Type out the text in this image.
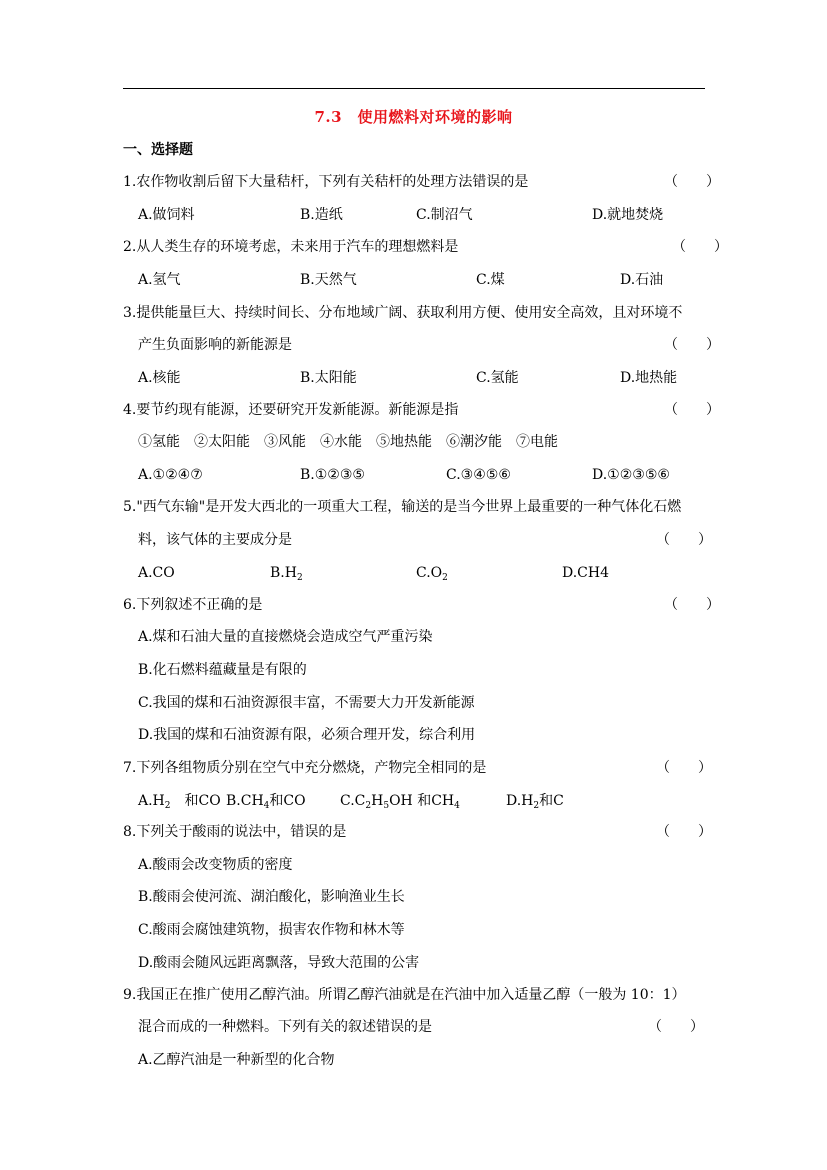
7.3　使用燃料对环境的影响
一、选择题
1.农作物收割后留下大量秸杆，下列有关秸杆的处理方法错误的是	（　　）
A.做饲料	B.造纸	C.制沼气	D.就地焚烧
2.从人类生存的环境考虑，未来用于汽车的理想燃料是	（　　）
A.氢气	B.天然气	C.煤	D.石油
3.提供能量巨大、持续时间长、分布地域广阔、获取利用方便、使用安全高效，且对环境不
产生负面影响的新能源是	（　　）
A.核能	B.太阳能	C.氢能	D.地热能
4.要节约现有能源，还要研究开发新能源。新能源是指	（　　）
①氢能　②太阳能　③风能　④水能　⑤地热能　⑥潮汐能　⑦电能
A.①②④⑦	B.①②③⑤	C.③④⑤⑥	D.①②③⑤⑥
5."西气东输"是开发大西北的一项重大工程，输送的是当今世界上最重要的一种气体化石燃
料，该气体的主要成分是	（　　）
A.CO	$B.H_2$	$C.O_2$	D.CH4
6.下列叙述不正确的是	（　　）
A.煤和石油大量的直接燃烧会造成空气严重污染
B.化石燃料蕴藏量是有限的
C.我国的煤和石油资源很丰富，不需要大力开发新能源
D.我国的煤和石油资源有限，必须合理开发，综合利用
7.下列各组物质分别在空气中充分燃烧，产物完全相同的是	（　　）
$A.H_2$　和CO $B.CH_4$和CO $C.C_2H_5OH$ 和$CH_4$	$D.H_2$和C
8.下列关于酸雨的说法中，错误的是	（　　）
A.酸雨会改变物质的密度
B.酸雨会使河流、湖泊酸化，影响渔业生长
C.酸雨会腐蚀建筑物，损害农作物和林木等
D.酸雨会随风远距离飘落，导致大范围的公害
9.我国正在推广使用乙醇汽油。所谓乙醇汽油就是在汽油中加入适量乙醇（一般为 10：1）
混合而成的一种燃料。下列有关的叙述错误的是	（　　）
A.乙醇汽油是一种新型的化合物
